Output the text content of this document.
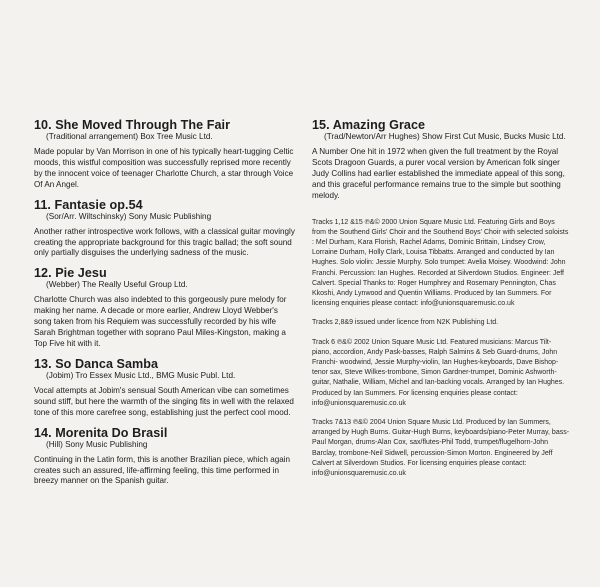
10. She Moved Through The Fair

(Traditional arrangement) Box Tree Music Ltd.

Made popular by Van Morrison in one of his typically heart-tugging Celtic moods, this wistful composition was successfully reprised more recently by the innocent voice of teenager Charlotte Church, a star through Voice Of An Angel.

11. Fantasie op.54

(Sor/Arr. Wiltschinsky) Sony Music Publishing

Another rather introspective work follows, with a classical guitar movingly creating the appropriate background for this tragic ballad; the soft sound only partially disguises the underlying sadness of the music.

12. Pie Jesu

(Webber) The Really Useful Group Ltd.

Charlotte Church was also indebted to this gorgeously pure melody for making her name. A decade or more earlier, Andrew Lloyd Webber's song taken from his Requiem was successfully recorded by his wife Sarah Brightman together with soprano Paul Miles-Kingston, making a Top Five hit with it.

13. So Danca Samba

(Jobim) Tro Essex Music Ltd., BMG Music Publ. Ltd.

Vocal attempts at Jobim's sensual South American vibe can sometimes sound stiff, but here the warmth of the singing fits in well with the relaxed tone of this more carefree song, establishing just the perfect cool mood.

14. Morenita Do Brasil

(Hill) Sony Music Publishing

Continuing in the Latin form, this is another Brazilian piece, which again creates such an assured, life-affirming feeling, this time performed in breezy manner on the Spanish guitar.

15. Amazing Grace

(Trad/Newton/Arr Hughes) Show First Cut Music, Bucks Music Ltd.

A Number One hit in 1972 when given the full treatment by the Royal Scots Dragoon Guards, a purer vocal version by American folk singer Judy Collins had earlier established the immediate appeal of this song, and this graceful performance remains true to the simple but soothing melody.

Tracks 1,12 &15 ℗&© 2000 Union Square Music Ltd. Featuring Girls and Boys from the Southend Girls' Choir and the Southend Boys' Choir with selected soloists : Mel Durham, Kara Florish, Rachel Adams, Dominic Brittain, Lindsey Crow, Lorraine Durham, Holly Clark, Louisa Tibbatts. Arranged and conducted by Ian Hughes. Solo violin: Jessie Murphy. Solo trumpet: Avelia Moisey. Woodwind: John Franchi. Percussion: Ian Hughes. Recorded at Silverdown Studios. Engineer: Jeff Calvert. Special Thanks to: Roger Humphrey and Rosemary Pennington, Chas Kkoshi, Andy Lynwood and Quentin Williams. Produced by Ian Summers. For licensing enquiries please contact: info@unionsquaremusic.co.uk

Tracks 2,8&9 issued under licence from N2K Publishing Ltd.

Track 6 ℗&© 2002 Union Square Music Ltd. Featured musicians: Marcus Tilt-piano, accordion, Andy Pask-basses, Ralph Salmins & Seb Guard-drums, John Franchi- woodwind, Jessie Murphy-violin, Ian Hughes-keyboards, Dave Bishop-tenor sax, Steve Wilkes-trombone, Simon Gardner-trumpet, Dominic Ashworth-guitar, Nathalie, William, Michel and Ian-backing vocals. Arranged by Ian Hughes. Produced by Ian Summers. For licensing enquiries please contact: info@unionsquaremusic.co.uk

Tracks 7&13 ℗&© 2004 Union Square Music Ltd. Produced by Ian Summers, arranged by Hugh Burns. Guitar-Hugh Burns, keyboards/piano-Peter Murray, bass-Paul Morgan, drums-Alan Cox, sax/flutes-Phil Todd, trumpet/flugelhorn-John Barclay, trombone-Neil Sidwell, percussion-Simon Morton. Engineered by Jeff Calvert at Silverdown Studios. For licensing enquiries please contact: info@unionsquaremusic.co.uk
